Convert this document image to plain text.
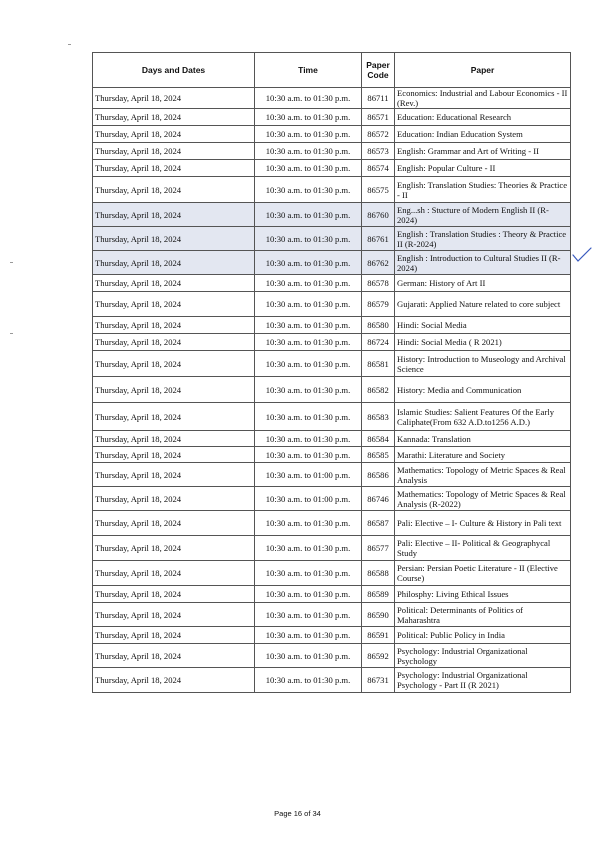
Days and Dates	Time	Paper Code	Paper
Thursday, April 18, 2024	10:30 a.m. to 01:30 p.m.	86711	Economics: Industrial and Labour Economics - II (Rev.)
Thursday, April 18, 2024	10:30 a.m. to 01:30 p.m.	86571	Education: Educational Research
Thursday, April 18, 2024	10:30 a.m. to 01:30 p.m.	86572	Education: Indian Education System
Thursday, April 18, 2024	10:30 a.m. to 01:30 p.m.	86573	English: Grammar and Art of Writing - II
Thursday, April 18, 2024	10:30 a.m. to 01:30 p.m.	86574	English: Popular Culture - II
Thursday, April 18, 2024	10:30 a.m. to 01:30 p.m.	86575	English: Translation Studies: Theories & Practice - II
Thursday, April 18, 2024	10:30 a.m. to 01:30 p.m.	86760	Eng...sh : Stucture of Modern English II (R-2024)
Thursday, April 18, 2024	10:30 a.m. to 01:30 p.m.	86761	English : Translation Studies : Theory & Practice II (R-2024)
Thursday, April 18, 2024	10:30 a.m. to 01:30 p.m.	86762	English : Introduction to Cultural Studies II (R-2024)
Thursday, April 18, 2024	10:30 a.m. to 01:30 p.m.	86578	German: History of Art II
Thursday, April 18, 2024	10:30 a.m. to 01:30 p.m.	86579	Gujarati: Applied Nature related to core subject
Thursday, April 18, 2024	10:30 a.m. to 01:30 p.m.	86580	Hindi: Social Media
Thursday, April 18, 2024	10:30 a.m. to 01:30 p.m.	86724	Hindi: Social Media ( R 2021)
Thursday, April 18, 2024	10:30 a.m. to 01:30 p.m.	86581	History: Introduction to Museology and Archival Science
Thursday, April 18, 2024	10:30 a.m. to 01:30 p.m.	86582	History: Media and Communication
Thursday, April 18, 2024	10:30 a.m. to 01:30 p.m.	86583	Islamic Studies: Salient Features Of the Early Caliphate(From 632 A.D.to1256 A.D.)
Thursday, April 18, 2024	10:30 a.m. to 01:30 p.m.	86584	Kannada: Translation
Thursday, April 18, 2024	10:30 a.m. to 01:30 p.m.	86585	Marathi: Literature and Society
Thursday, April 18, 2024	10:30 a.m. to 01:00 p.m.	86586	Mathematics: Topology of Metric Spaces & Real Analysis
Thursday, April 18, 2024	10:30 a.m. to 01:00 p.m.	86746	Mathematics: Topology of Metric Spaces & Real Analysis (R-2022)
Thursday, April 18, 2024	10:30 a.m. to 01:30 p.m.	86587	Pali: Elective – I- Culture & History in Pali text
Thursday, April 18, 2024	10:30 a.m. to 01:30 p.m.	86577	Pali: Elective – II- Political & Geographycal Study
Thursday, April 18, 2024	10:30 a.m. to 01:30 p.m.	86588	Persian: Persian Poetic Literature - II (Elective Course)
Thursday, April 18, 2024	10:30 a.m. to 01:30 p.m.	86589	Philosphy: Living Ethical Issues
Thursday, April 18, 2024	10:30 a.m. to 01:30 p.m.	86590	Political: Determinants of Politics of Maharashtra
Thursday, April 18, 2024	10:30 a.m. to 01:30 p.m.	86591	Political: Public Policy in India
Thursday, April 18, 2024	10:30 a.m. to 01:30 p.m.	86592	Psychology: Industrial Organizational Psychology
Thursday, April 18, 2024	10:30 a.m. to 01:30 p.m.	86731	Psychology: Industrial Organizational Psychology - Part II (R 2021)
Page 16 of 34
